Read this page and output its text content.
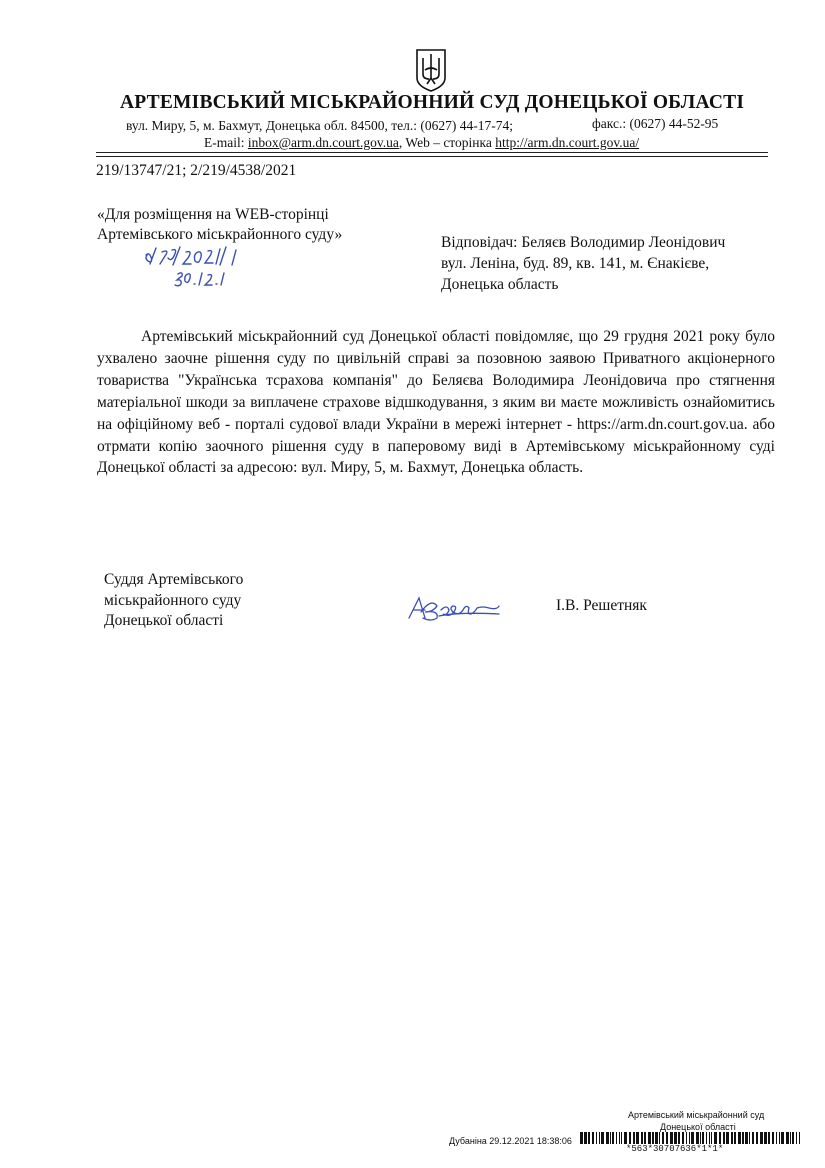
АРТЕМІВСЬКИЙ МІСЬКРАЙОННИЙ СУД ДОНЕЦЬКОЇ ОБЛАСТІ
вул. Миру, 5, м. Бахмут, Донецька обл. 84500, тел.: (0627) 44-17-74;	факс.: (0627) 44-52-95
E-mail: inbox@arm.dn.court.gov.ua, Web – сторінка http://arm.dn.court.gov.ua/
219/13747/21; 2/219/4538/2021
«Для розміщення на WEB-сторінці
Артемівського міськрайонного суду»	Відповідач: Беляєв Володимир Леонідович
вул. Леніна, буд. 89, кв. 141, м. Єнакієве,
Донецька область
Артемівський міськрайонний суд Донецької області повідомляє, що 29 грудня 2021 року було ухвалено заочне рішення суду по цивільній справі за позовною заявою Приватного акціонерного товариства "Українська тсрахова компанія" до Беляєва Володимира Леонідовича про стягнення матеріальної шкоди за виплачене страхове відшкодування, з яким ви маєте можливість ознайомитись на офіційному веб - порталі судової влади України в мережі інтернет - https://arm.dn.court.gov.ua. або отрмати копію заочного рішення суду в паперовому виді в Артемівському міськрайонному суді Донецької області за адресою: вул. Миру, 5, м. Бахмут, Донецька область.
Суддя Артемівського
міськрайонного суду
Донецької області
І.В. Решетняк
Артемівський міськрайонний суд
Донецької області
Дубаніна 29.12.2021 18:38:06
*563*30707636*1*1*
